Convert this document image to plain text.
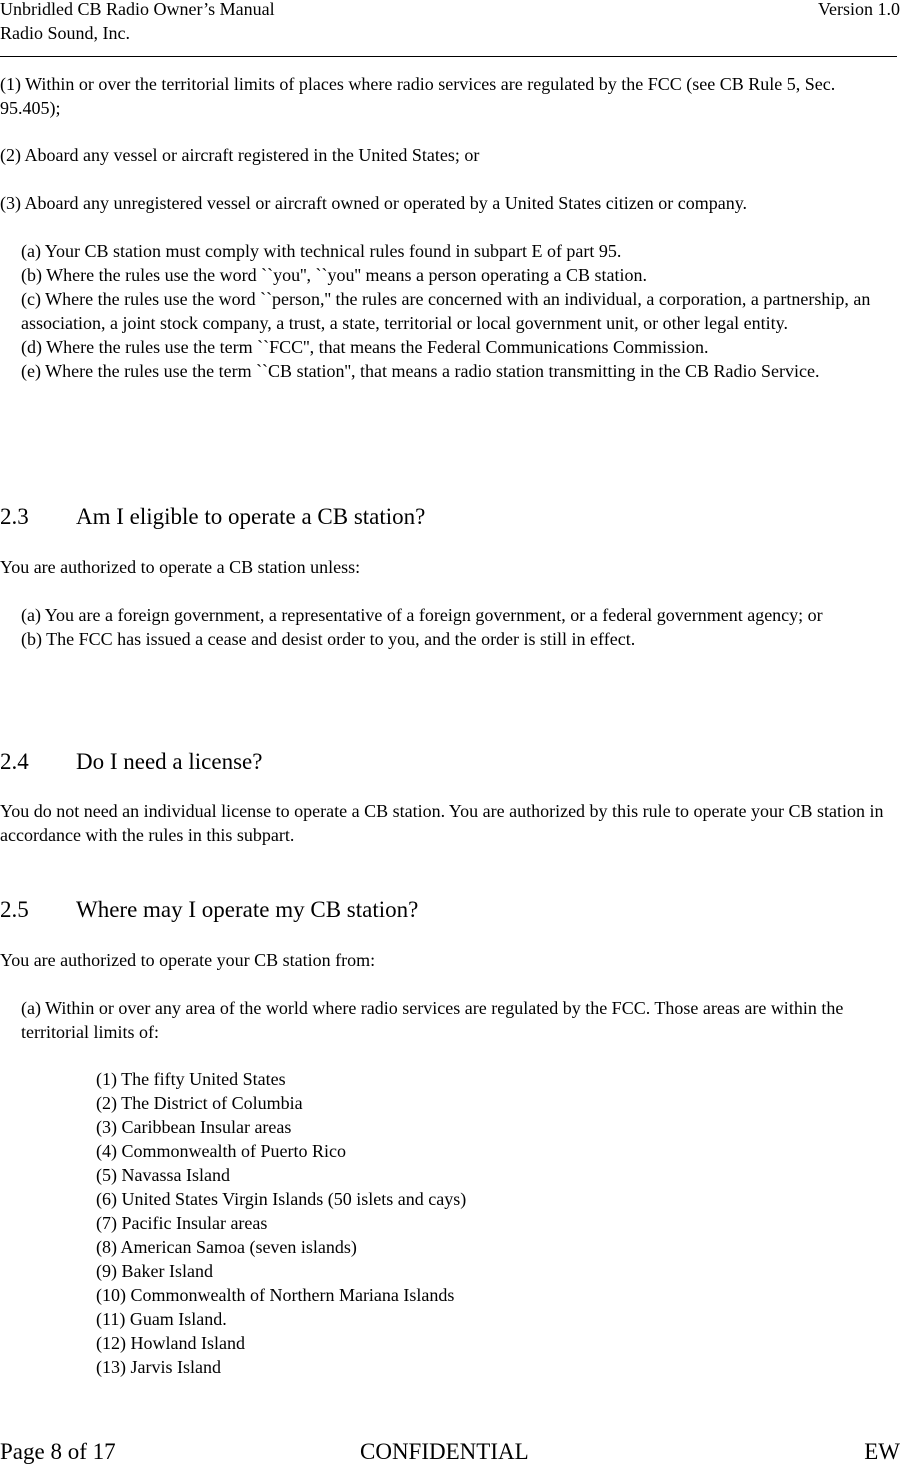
Unbridled CB Radio Owner’s Manual	Version 1.0
Radio Sound, Inc.
(1) Within or over the territorial limits of places where radio services are regulated by the FCC (see CB Rule 5, Sec. 95.405);
(2) Aboard any vessel or aircraft registered in the United States; or
(3) Aboard any unregistered vessel or aircraft owned or operated by a United States citizen or company.
(a) Your CB station must comply with technical rules found in subpart E of part 95.
(b) Where the rules use the word ``you'', ``you'' means a person operating a CB station.
(c) Where the rules use the word ``person,'' the rules are concerned with an individual, a corporation, a partnership, an association, a joint stock company, a trust, a state, territorial or local government unit, or other legal entity.
(d) Where the rules use the term ``FCC'', that means the Federal Communications Commission.
(e) Where the rules use the term ``CB station'', that means a radio station transmitting in the CB Radio Service.
2.3 Am I eligible to operate a CB station?
You are authorized to operate a CB station unless:
(a) You are a foreign government, a representative of a foreign government, or a federal government agency; or
(b) The FCC has issued a cease and desist order to you, and the order is still in effect.
2.4 Do I need a license?
You do not need an individual license to operate a CB station. You are authorized by this rule to operate your CB station in accordance with the rules in this subpart.
2.5 Where may I operate my CB station?
You are authorized to operate your CB station from:
(a) Within or over any area of the world where radio services are regulated by the FCC. Those areas are within the territorial limits of:
(1) The fifty United States
(2) The District of Columbia
(3) Caribbean Insular areas
(4) Commonwealth of Puerto Rico
(5) Navassa Island
(6) United States Virgin Islands (50 islets and cays)
(7) Pacific Insular areas
(8) American Samoa (seven islands)
(9) Baker Island
(10) Commonwealth of Northern Mariana Islands
(11) Guam Island.
(12) Howland Island
(13) Jarvis Island
Page 8 of 17	CONFIDENTIAL	EW
